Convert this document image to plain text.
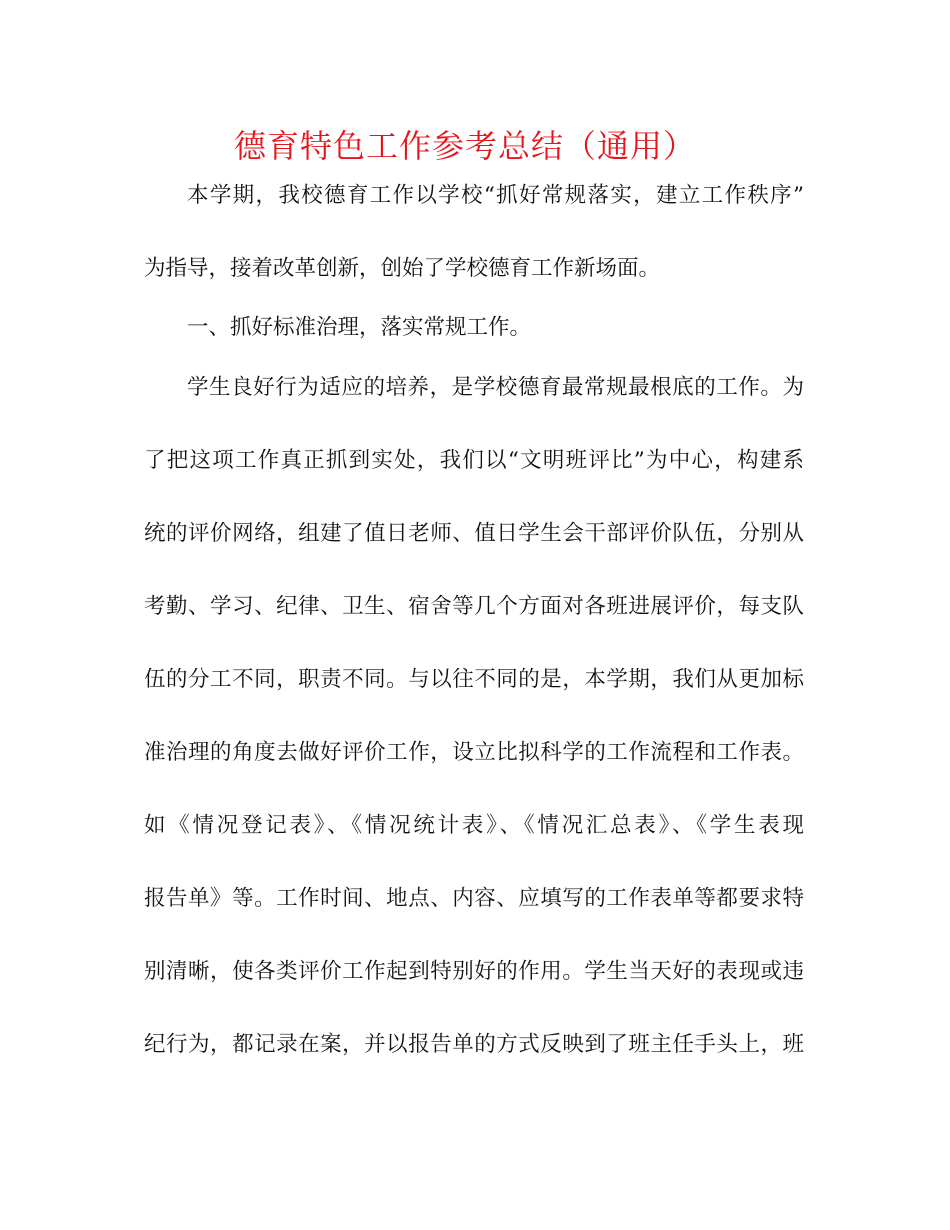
德育特色工作参考总结（通用）
本学期，我校德育工作以学校“抓好常规落实，建立工作秩序”
为指导，接着改革创新，创始了学校德育工作新场面。
一、抓好标准治理，落实常规工作。
学生良好行为适应的培养，是学校德育最常规最根底的工作。为
了把这项工作真正抓到实处，我们以“文明班评比”为中心，构建系
统的评价网络，组建了值日老师、值日学生会干部评价队伍，分别从
考勤、学习、纪律、卫生、宿舍等几个方面对各班进展评价，每支队
伍的分工不同，职责不同。与以往不同的是，本学期，我们从更加标
准治理的角度去做好评价工作，设立比拟科学的工作流程和工作表。
如《情况登记表》、《情况统计表》、《情况汇总表》、《学生表现
报告单》等。工作时间、地点、内容、应填写的工作表单等都要求特
别清晰，使各类评价工作起到特别好的作用。学生当天好的表现或违
纪行为，都记录在案，并以报告单的方式反映到了班主任手头上，班
